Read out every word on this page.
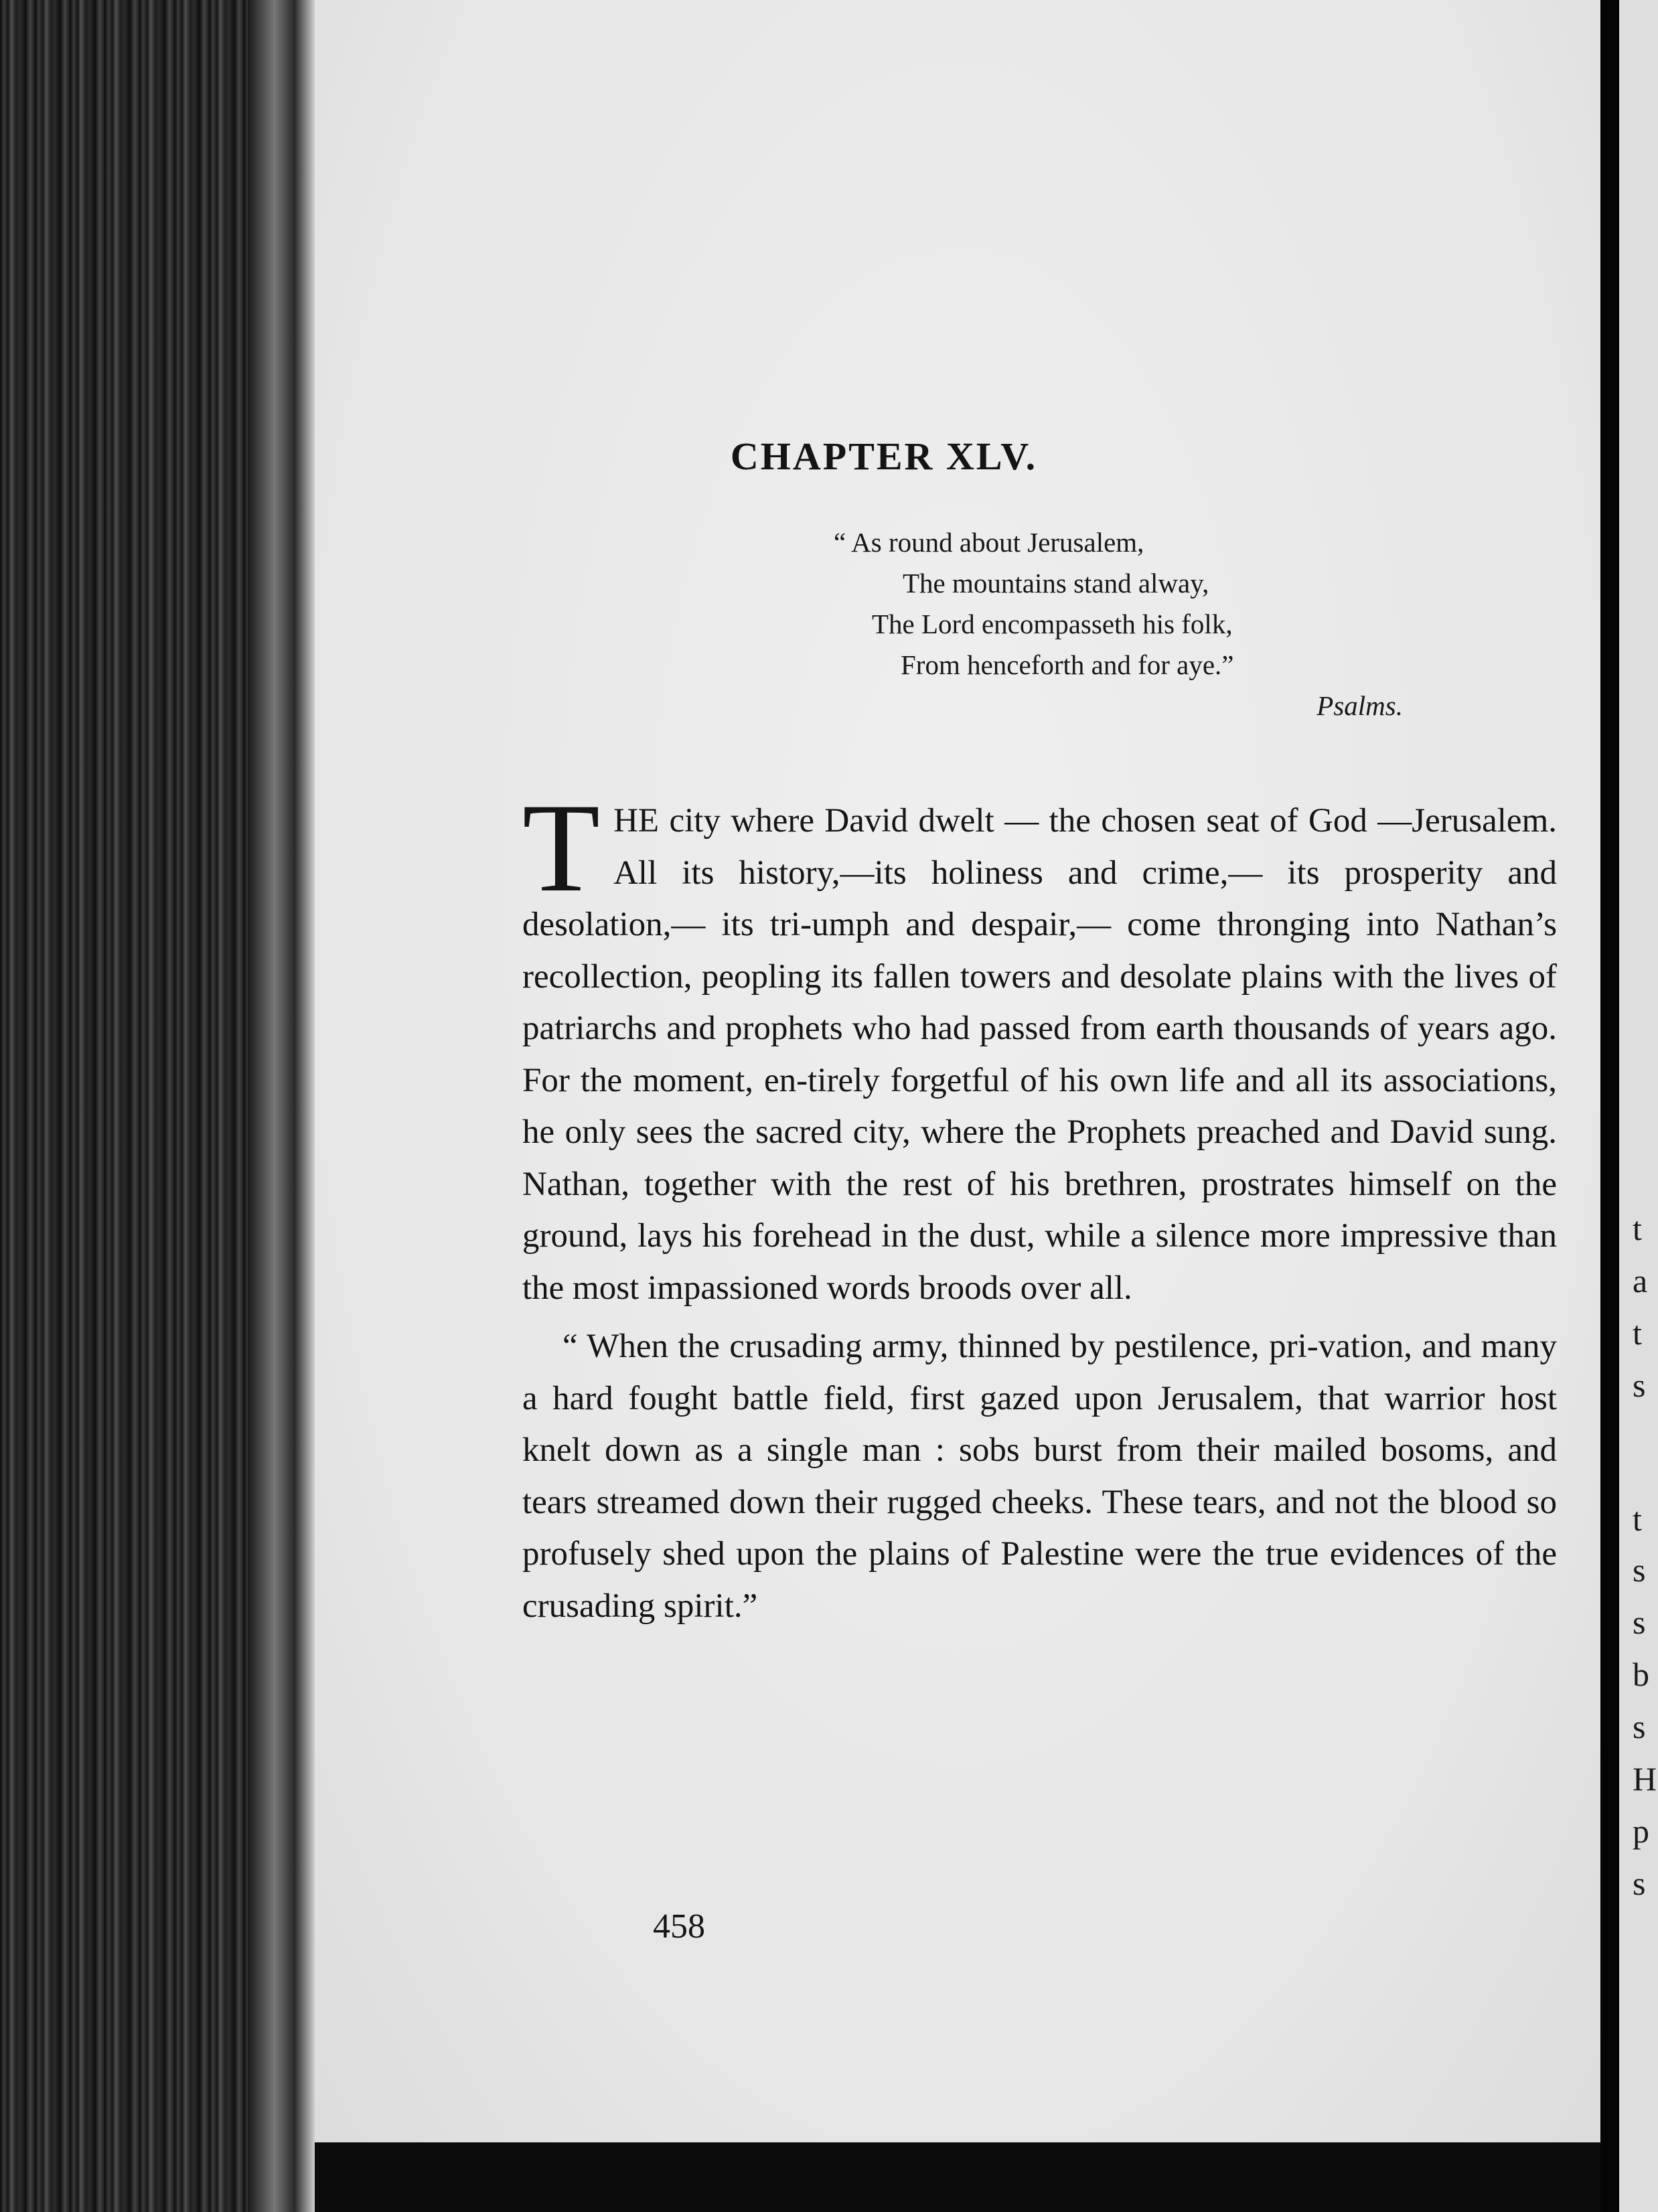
t
a
t
s
t
s
s
b
s
H
p
s
CHAPTER XLV.
“ As round about Jerusalem,
The mountains stand alway,
The Lord encompasseth his folk,
From henceforth and for aye.”
Psalms.

THE city where David dwelt — the chosen seat of God —Jerusalem. All its history,—its holiness and crime,— its prosperity and desolation,— its tri-umph and despair,— come thronging into Nathan’s recollection, peopling its fallen towers and desolate plains with the lives of patriarchs and prophets who had passed from earth thousands of years ago. For the moment, en-tirely forgetful of his own life and all its associations, he only sees the sacred city, where the Prophets preached and David sung. Nathan, together with the rest of his brethren, prostrates himself on the ground, lays his forehead in the dust, while a silence more impressive than the most impassioned words broods over all.

“ When the crusading army, thinned by pestilence, pri-vation, and many a hard fought battle field, first gazed upon Jerusalem, that warrior host knelt down as a single man : sobs burst from their mailed bosoms, and tears streamed down their rugged cheeks. These tears, and not the blood so profusely shed upon the plains of Palestine were the true evidences of the crusading spirit.”

458
